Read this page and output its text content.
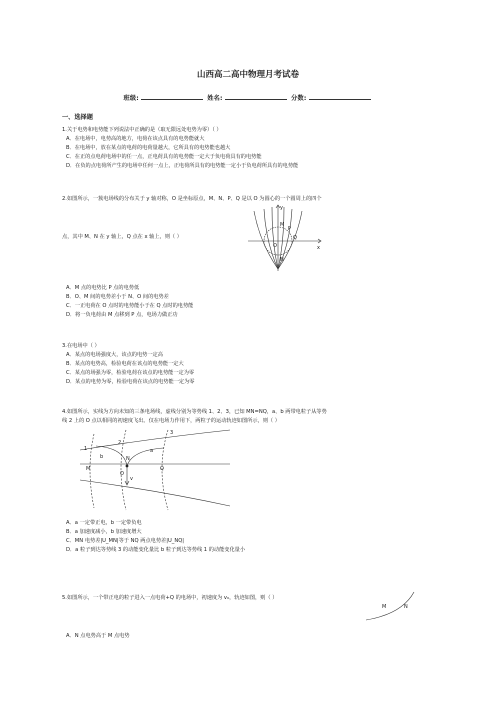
山西高二高中物理月考试卷
班级:	姓名:	分数:
一、选择题
1.关于电势和电势能下列说法中正确的是（取无限远处电势为零）（ ）
A．在电场中，电势高的地方，电荷在该点具有的电势能就大
B．在电场中，放在某点的电荷的电荷量越大，它所具有的电势能也越大
C．在正的点电荷电场中的任一点，正电荷具有的电势能一定大于负电荷具有的电势能
D．在负的点电荷所产生的电场中任何一点上，正电荷所具有的电势能一定小于负电荷所具有的电势能
2.如图所示，一簇电场线的分布关于 y 轴对称，O 是坐标原点，M、N、P、Q 是以 O 为圆心的一个圆周上的四个
点，其中 M、N 在 y 轴上，Q 点在 x 轴上，则（ ）
y
x
M
N
O
P
Q
A．M 点的电势比 P 点的电势低
B．O、M 间的电势差小于 N、O 间的电势差
C．一正电荷在 O 点时的电势能小于在 Q 点时的电势能
D．将一负电荷由 M 点移到 P 点，电场力做正功
3.在电场中（ ）
A．某点的电场强度大，该点的电势一定高
B．某点的电势高，检验电荷在该点的电势能一定大
C．某点的场强为零，检验电荷在该点的电势能一定为零
D．某点的电势为零，检验电荷在该点的电势能一定为零
4.如图所示，实线为方向未知的三条电场线，虚线分别为等势线 1、2、3，已知 MN=NQ，a、b 两带电粒子从等势
线 2 上的 O 点以相同的初速度飞出。仅在电场力作用下，两粒子的运动轨迹如图所示，则（ ）
1
2
3
a
b
M
N
Q
O
v
A．a 一定带正电，b 一定带负电
B．a 加速度减小，b 加速度增大
C．MN 电势差|U_MN|等于 NQ 两点电势差|U_NQ|
D．a 粒子到达等势线 3 的动能变化量比 b 粒子到达等势线 1 的动能变化量小
5.如图所示，一个带正电的粒子进入一点电荷+Q 的电场中，初速度为 v₀，轨迹如图，则（ ）
M	N
A．N 点电势高于 M 点电势
